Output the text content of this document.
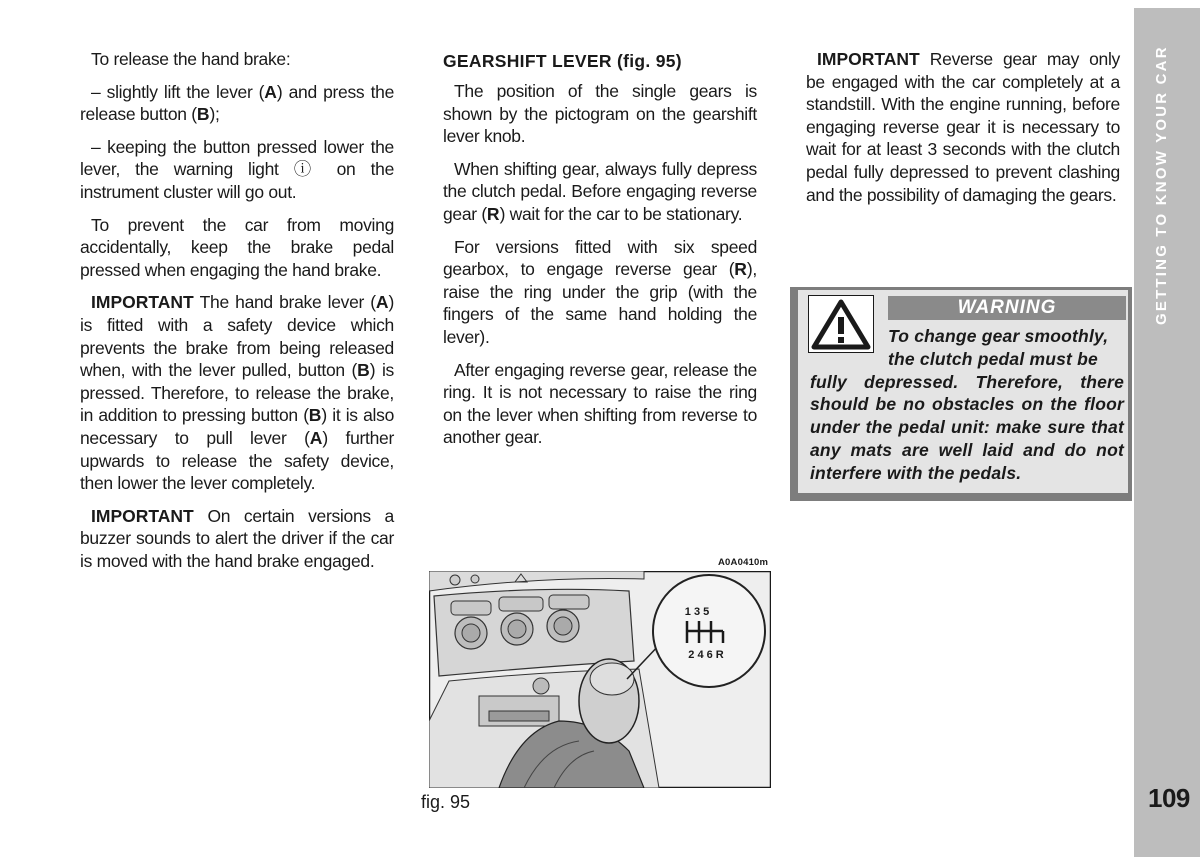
To release the hand brake:

– slightly lift the lever (A) and press the release button (B);

– keeping the button pressed lower the lever, the warning light ⓘ on the instrument cluster will go out.

To prevent the car from moving accidentally, keep the brake pedal pressed when engaging the hand brake.

IMPORTANT The hand brake lever (A) is fitted with a safety device which prevents the brake from being released when, with the lever pulled, button (B) is pressed. Therefore, to release the brake, in addition to pressing button (B) it is also necessary to pull lever (A) further upwards to release the safety device, then lower the lever completely.

IMPORTANT On certain versions a buzzer sounds to alert the driver if the car is moved with the hand brake engaged.

GEARSHIFT LEVER (fig. 95)

The position of the single gears is shown by the pictogram on the gearshift lever knob.

When shifting gear, always fully depress the clutch pedal. Before engaging reverse gear (R) wait for the car to be stationary.

For versions fitted with six speed gearbox, to engage reverse gear (R), raise the ring under the grip (with the fingers of the same hand holding the lever).

After engaging reverse gear, release the ring. It is not necessary to raise the ring on the lever when shifting from reverse to another gear.

IMPORTANT Reverse gear may only be engaged with the car completely at a standstill. With the engine running, before engaging reverse gear it is necessary to wait for at least 3 seconds with the clutch pedal fully depressed to prevent clashing and the possibility of damaging the gears.

WARNING
To change gear smoothly,
the clutch pedal must be
fully depressed. Therefore, there should be no obstacles on the floor under the pedal unit: make sure that any mats are well laid and do not interfere with the pedals.
A0A0410m
1 3 5
2 4 6 R
fig. 95
GETTING TO KNOW YOUR CAR
109
